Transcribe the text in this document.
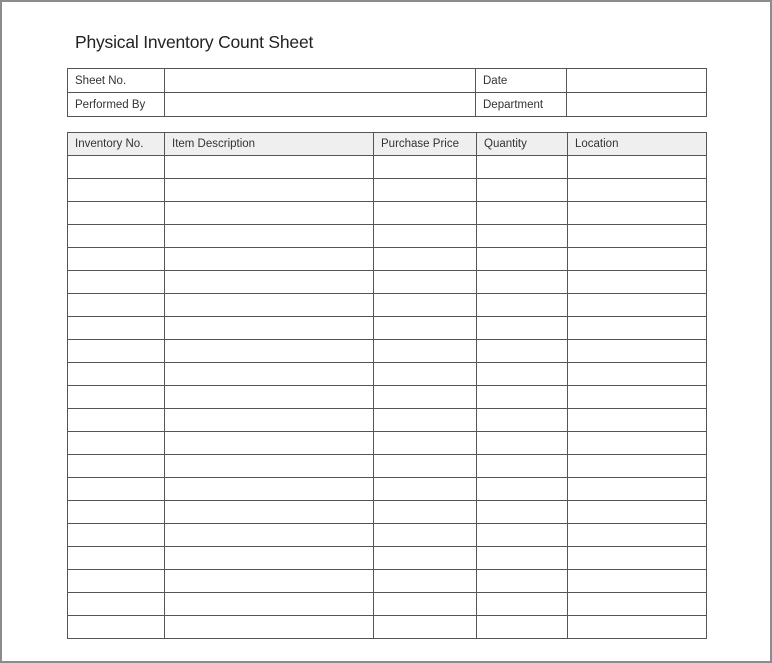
Physical Inventory Count Sheet
Sheet No.		Date	
Performed By		Department	
Inventory No.	Item Description	Purchase Price	Quantity	Location
